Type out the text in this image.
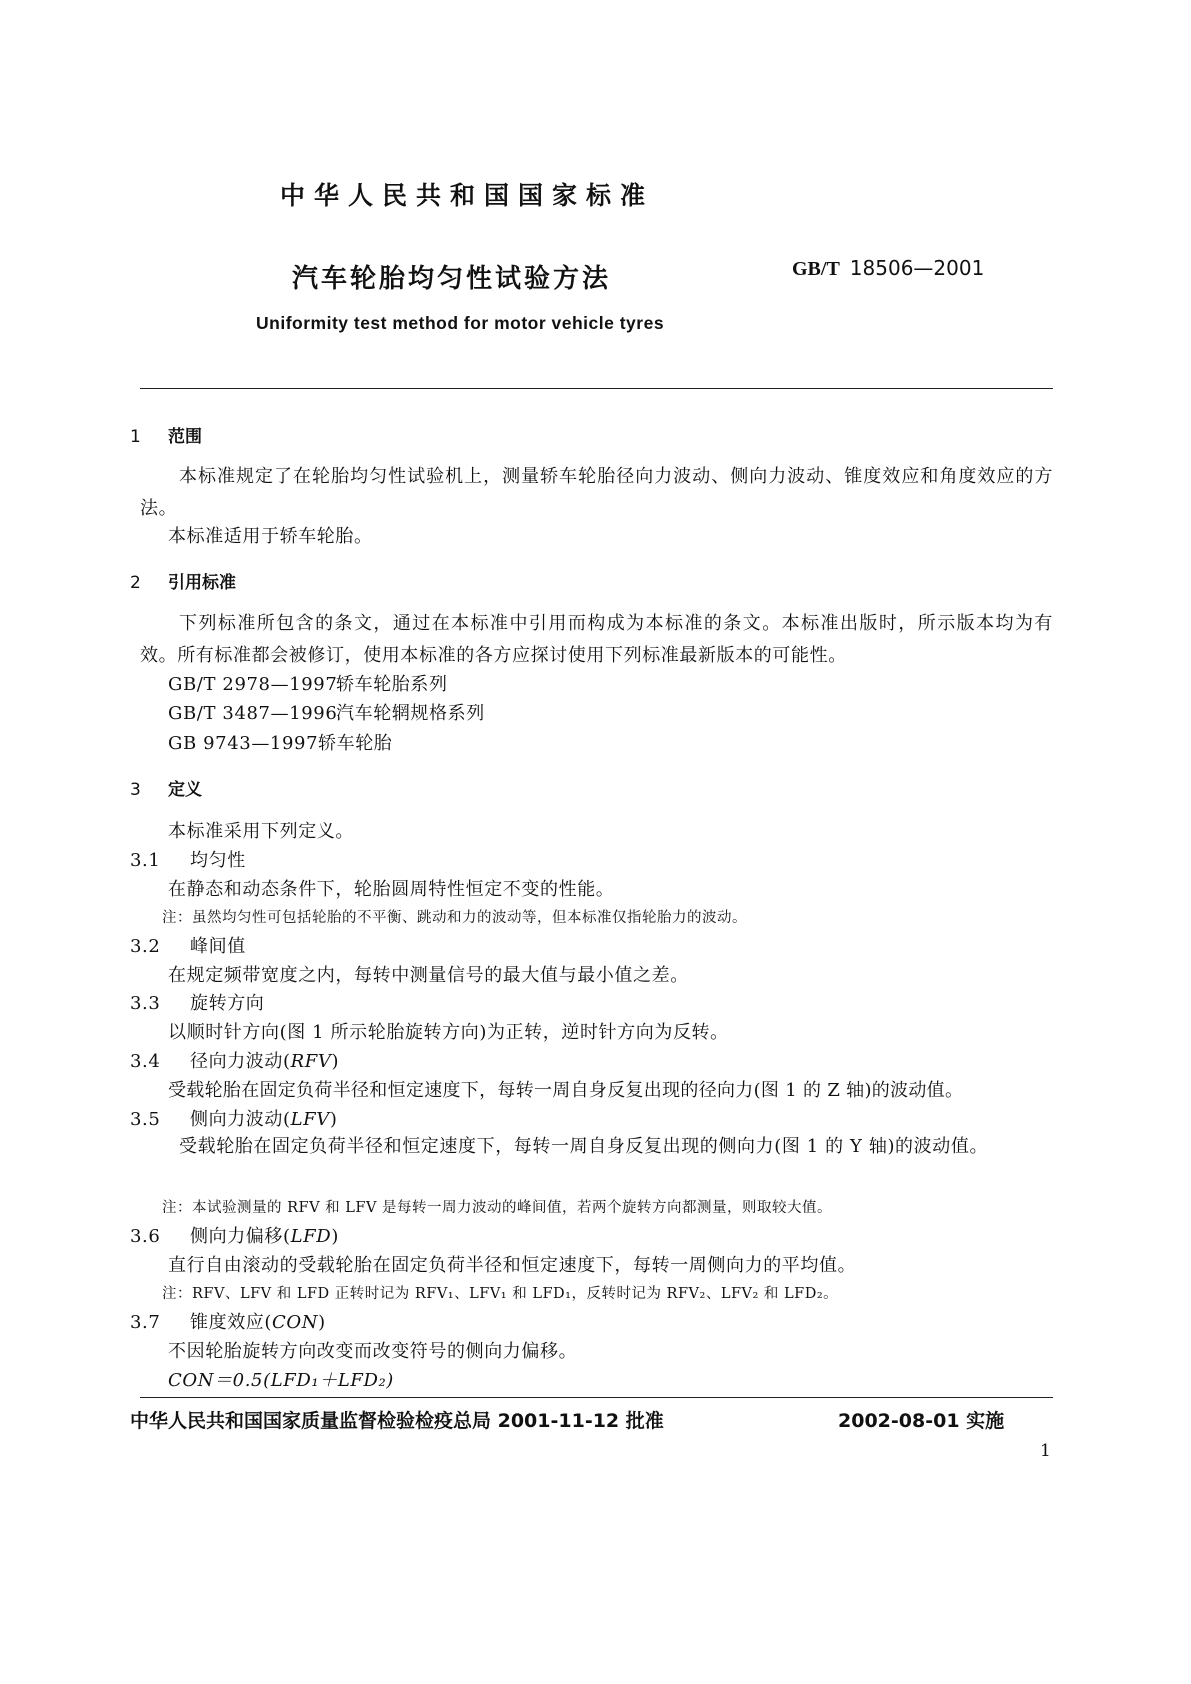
中华人民共和国国家标准
汽车轮胎均匀性试验方法	GB/T 18506—2001
Uniformity test method for motor vehicle tyres
1 范围
本标准规定了在轮胎均匀性试验机上，测量轿车轮胎径向力波动、侧向力波动、锥度效应和角度效应的方法。
本标准适用于轿车轮胎。
2 引用标准
下列标准所包含的条文，通过在本标准中引用而构成为本标准的条文。本标准出版时，所示版本均为有效。所有标准都会被修订，使用本标准的各方应探讨使用下列标准最新版本的可能性。
GB/T 2978—1997轿车轮胎系列
GB/T 3487—1996汽车轮辋规格系列
GB 9743—1997轿车轮胎
3 定义
本标准采用下列定义。
3.1 均匀性
在静态和动态条件下，轮胎圆周特性恒定不变的性能。
注：虽然均匀性可包括轮胎的不平衡、跳动和力的波动等，但本标准仅指轮胎力的波动。
3.2 峰间值
在规定频带宽度之内，每转中测量信号的最大值与最小值之差。
3.3 旋转方向
以顺时针方向(图 1 所示轮胎旋转方向)为正转，逆时针方向为反转。
3.4 径向力波动(RFV)
受载轮胎在固定负荷半径和恒定速度下，每转一周自身反复出现的径向力(图 1 的 Z 轴)的波动值。
3.5 侧向力波动(LFV)
受载轮胎在固定负荷半径和恒定速度下，每转一周自身反复出现的侧向力(图 1 的 Y 轴)的波动值。
注：本试验测量的 RFV 和 LFV 是每转一周力波动的峰间值，若两个旋转方向都测量，则取较大值。
3.6 侧向力偏移(LFD)
直行自由滚动的受载轮胎在固定负荷半径和恒定速度下，每转一周侧向力的平均值。
注：RFV、LFV 和 LFD 正转时记为 RFV₁、LFV₁ 和 LFD₁，反转时记为 RFV₂、LFV₂ 和 LFD₂。
3.7 锥度效应(CON)
不因轮胎旋转方向改变而改变符号的侧向力偏移。
CON＝0.5(LFD₁＋LFD₂)
中华人民共和国国家质量监督检验检疫总局 2001-11-12 批准	2002-08-01 实施
1
